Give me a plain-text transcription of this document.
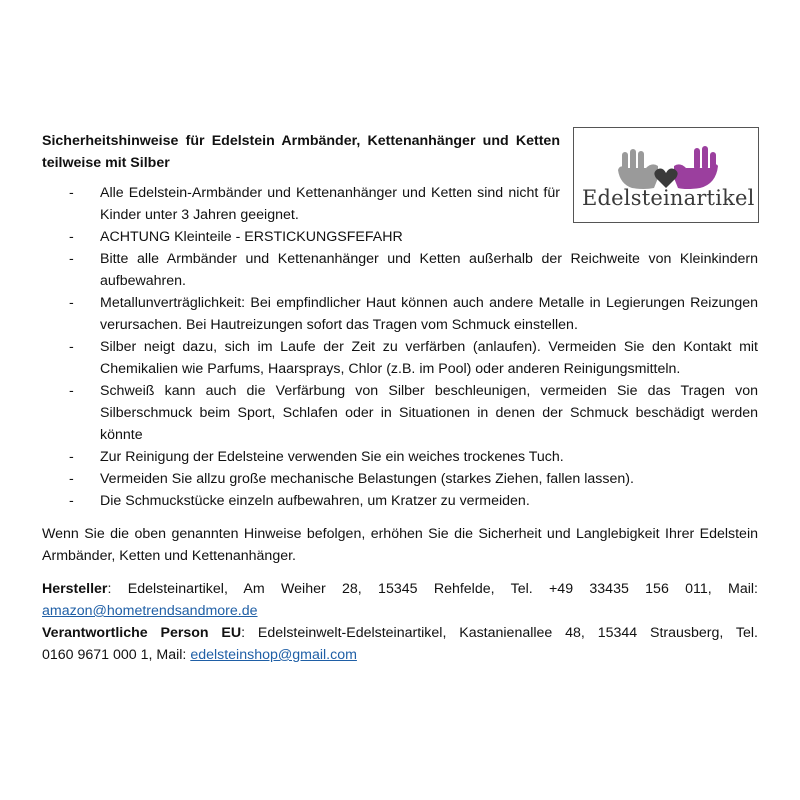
Sicherheitshinweise für Edelstein Armbänder, Kettenanhänger und Ketten teilweise mit Silber

- Alle Edelstein-Armbänder und Kettenanhänger und Ketten sind nicht für Kinder unter 3 Jahren geeignet.
- ACHTUNG Kleinteile - ERSTICKUNGSFEFAHR
- Bitte alle Armbänder und Kettenanhänger und Ketten außerhalb der Reichweite von Kleinkindern aufbewahren.
- Metallunverträglichkeit: Bei empfindlicher Haut können auch andere Metalle in Legierungen Reizungen verursachen. Bei Hautreizungen sofort das Tragen vom Schmuck einstellen.
- Silber neigt dazu, sich im Laufe der Zeit zu verfärben (anlaufen). Vermeiden Sie den Kontakt mit Chemikalien wie Parfums, Haarsprays, Chlor (z.B. im Pool) oder anderen Reinigungsmitteln.
- Schweiß kann auch die Verfärbung von Silber beschleunigen, vermeiden Sie das Tragen von Silberschmuck beim Sport, Schlafen oder in Situationen in denen der Schmuck beschädigt werden könnte
- Zur Reinigung der Edelsteine verwenden Sie ein weiches trockenes Tuch.
- Vermeiden Sie allzu große mechanische Belastungen (starkes Ziehen, fallen lassen).
- Die Schmuckstücke einzeln aufbewahren, um Kratzer zu vermeiden.

Wenn Sie die oben genannten Hinweise befolgen, erhöhen Sie die Sicherheit und Langlebigkeit Ihrer Edelstein Armbänder, Ketten und Kettenanhänger.

Hersteller: Edelsteinartikel, Am Weiher 28, 15345 Rehfelde, Tel. +49 33435 156 011, Mail:
amazon@hometrendsandmore.de
Verantwortliche Person EU: Edelsteinwelt-Edelsteinartikel, Kastanienallee 48, 15344 Strausberg, Tel.
0160 9671 000 1, Mail: edelsteinshop@gmail.com
Edelsteinartikel
